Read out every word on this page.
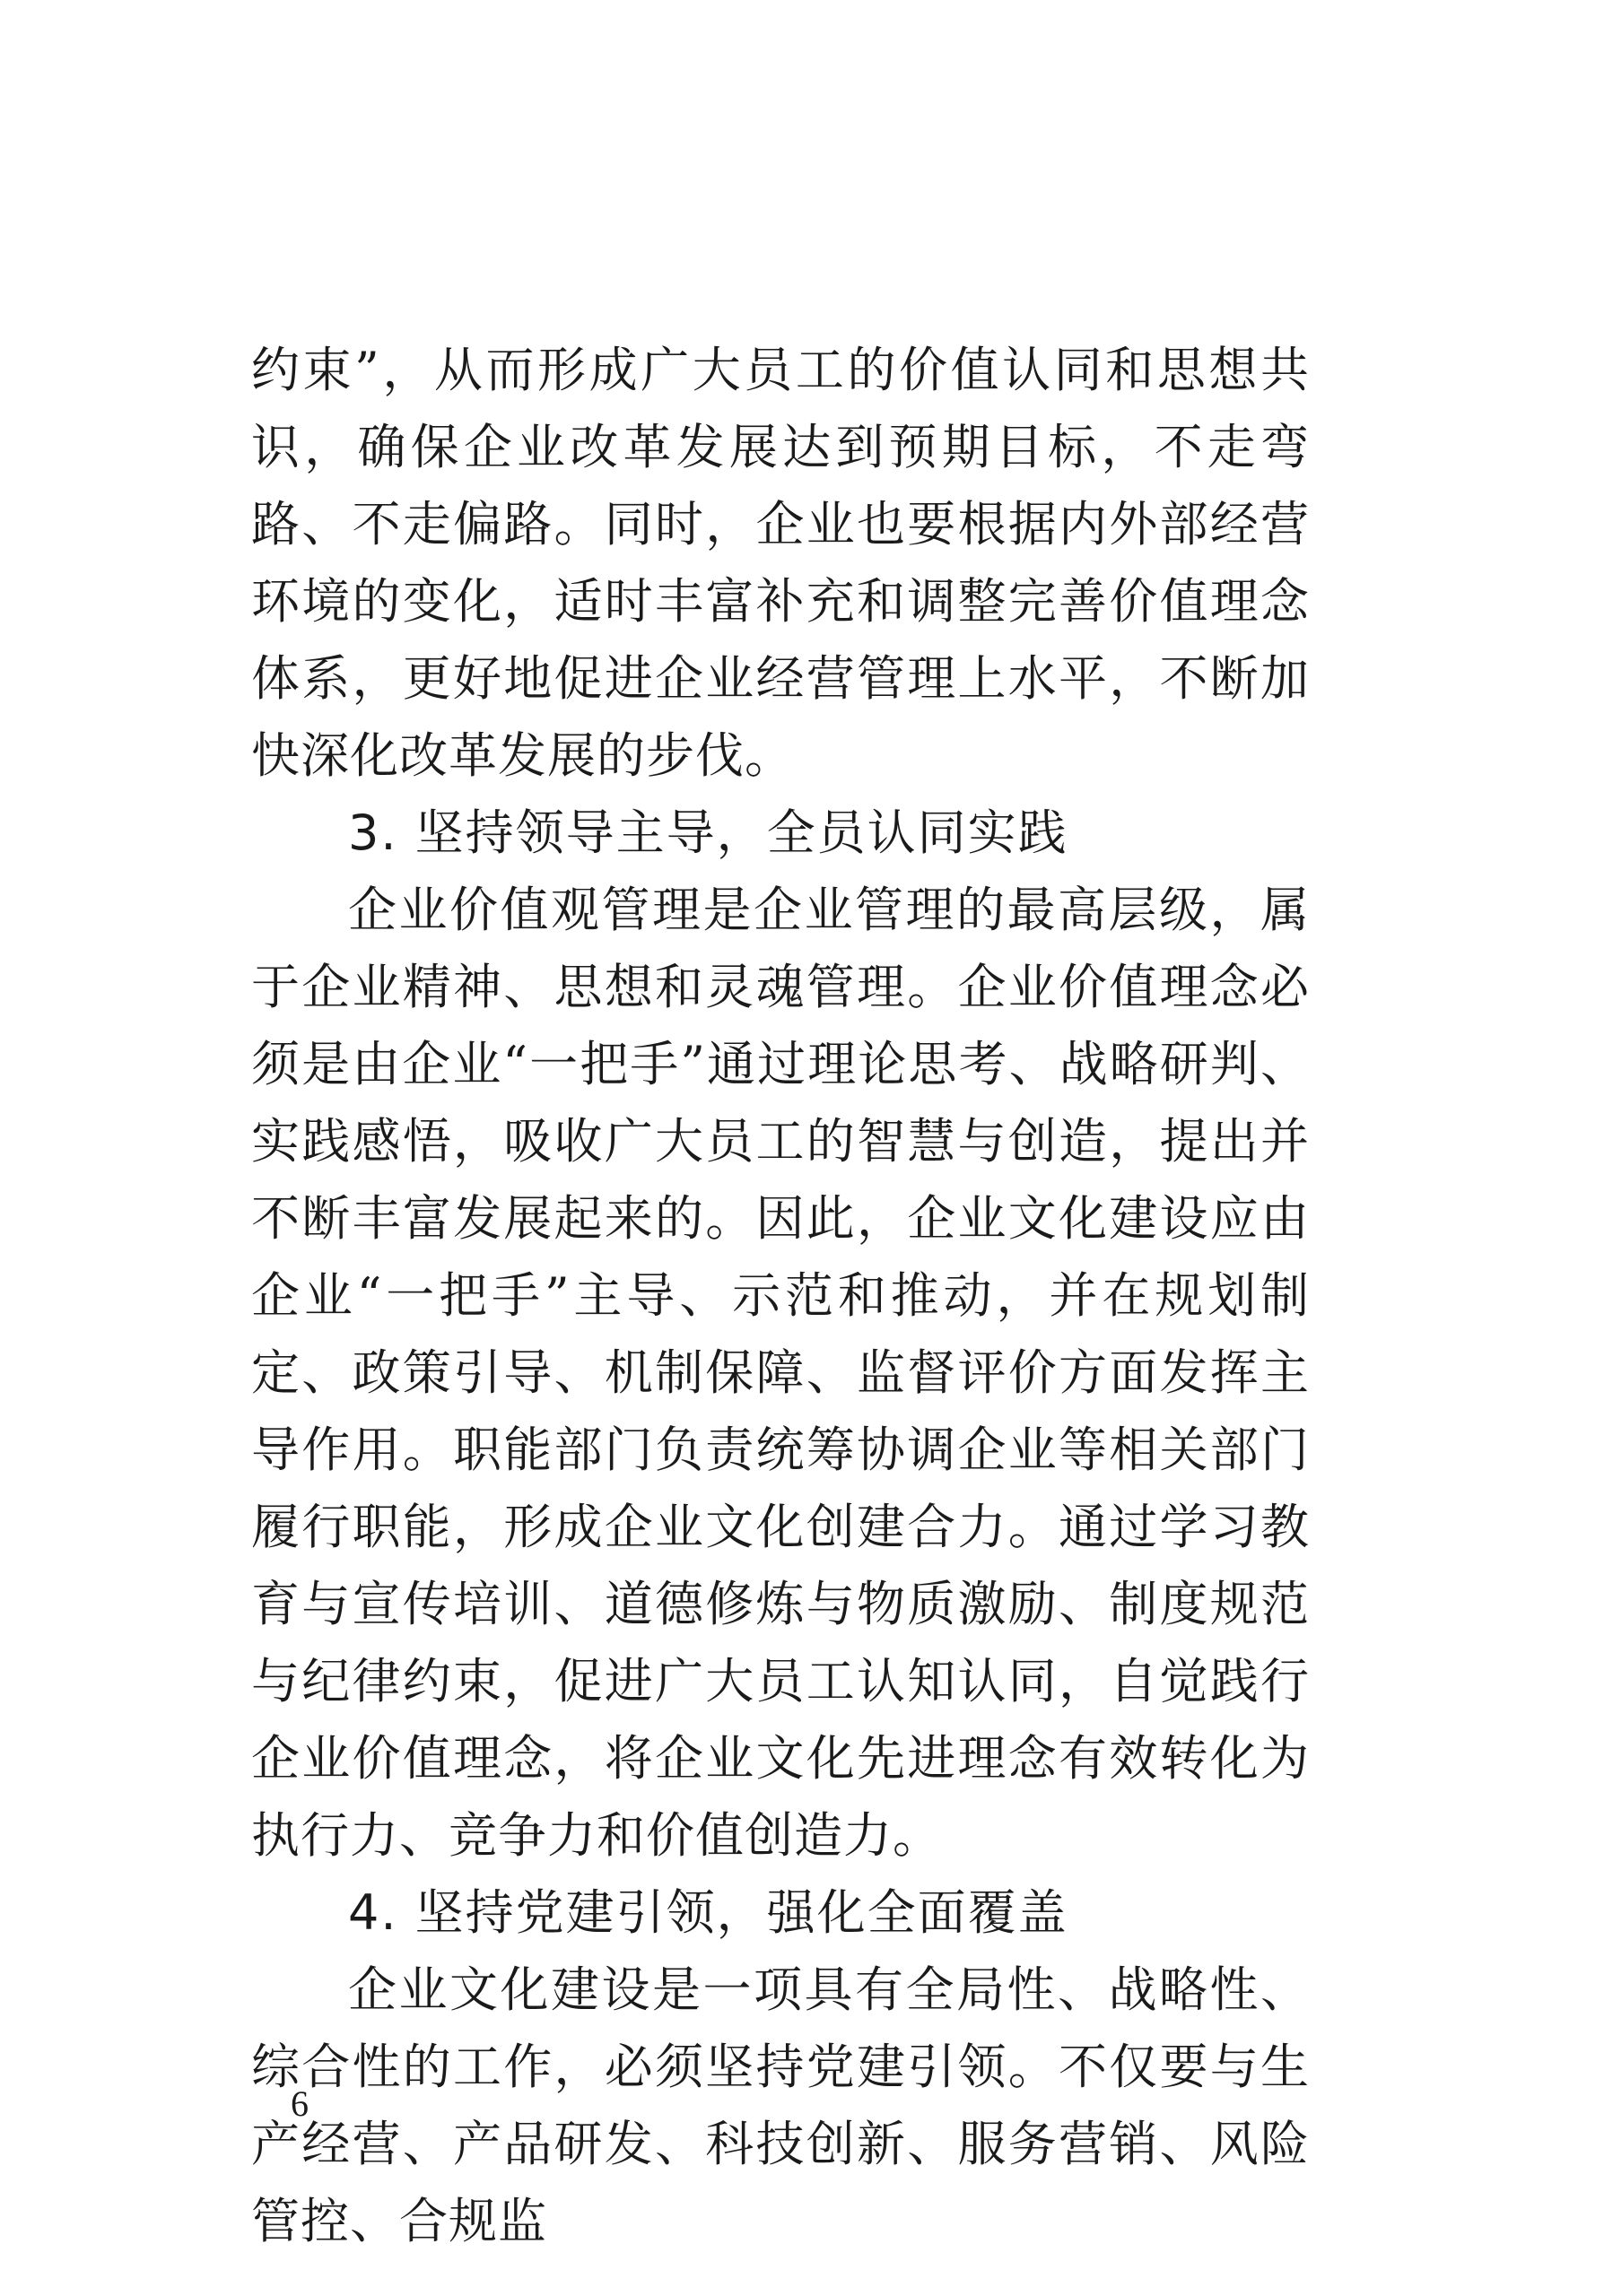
约束”，从而形成广大员工的价值认同和思想共识，确保企业改革发展达到预期目标，不走弯路、不走偏路。同时，企业也要根据内外部经营环境的变化，适时丰富补充和调整完善价值理念体系，更好地促进企业经营管理上水平，不断加快深化改革发展的步伐。

3. 坚持领导主导，全员认同实践

企业价值观管理是企业管理的最高层级，属于企业精神、思想和灵魂管理。企业价值理念必须是由企业“一把手”通过理论思考、战略研判、实践感悟，吸收广大员工的智慧与创造，提出并不断丰富发展起来的。因此，企业文化建设应由企业“一把手”主导、示范和推动，并在规划制定、政策引导、机制保障、监督评价方面发挥主导作用。职能部门负责统筹协调企业等相关部门履行职能，形成企业文化创建合力。通过学习教育与宣传培训、道德修炼与物质激励、制度规范与纪律约束，促进广大员工认知认同，自觉践行企业价值理念，将企业文化先进理念有效转化为执行力、竞争力和价值创造力。

4. 坚持党建引领，强化全面覆盖

企业文化建设是一项具有全局性、战略性、综合性的工作，必须坚持党建引领。不仅要与生产经营、产品研发、科技创新、服务营销、风险管控、合规监

6
